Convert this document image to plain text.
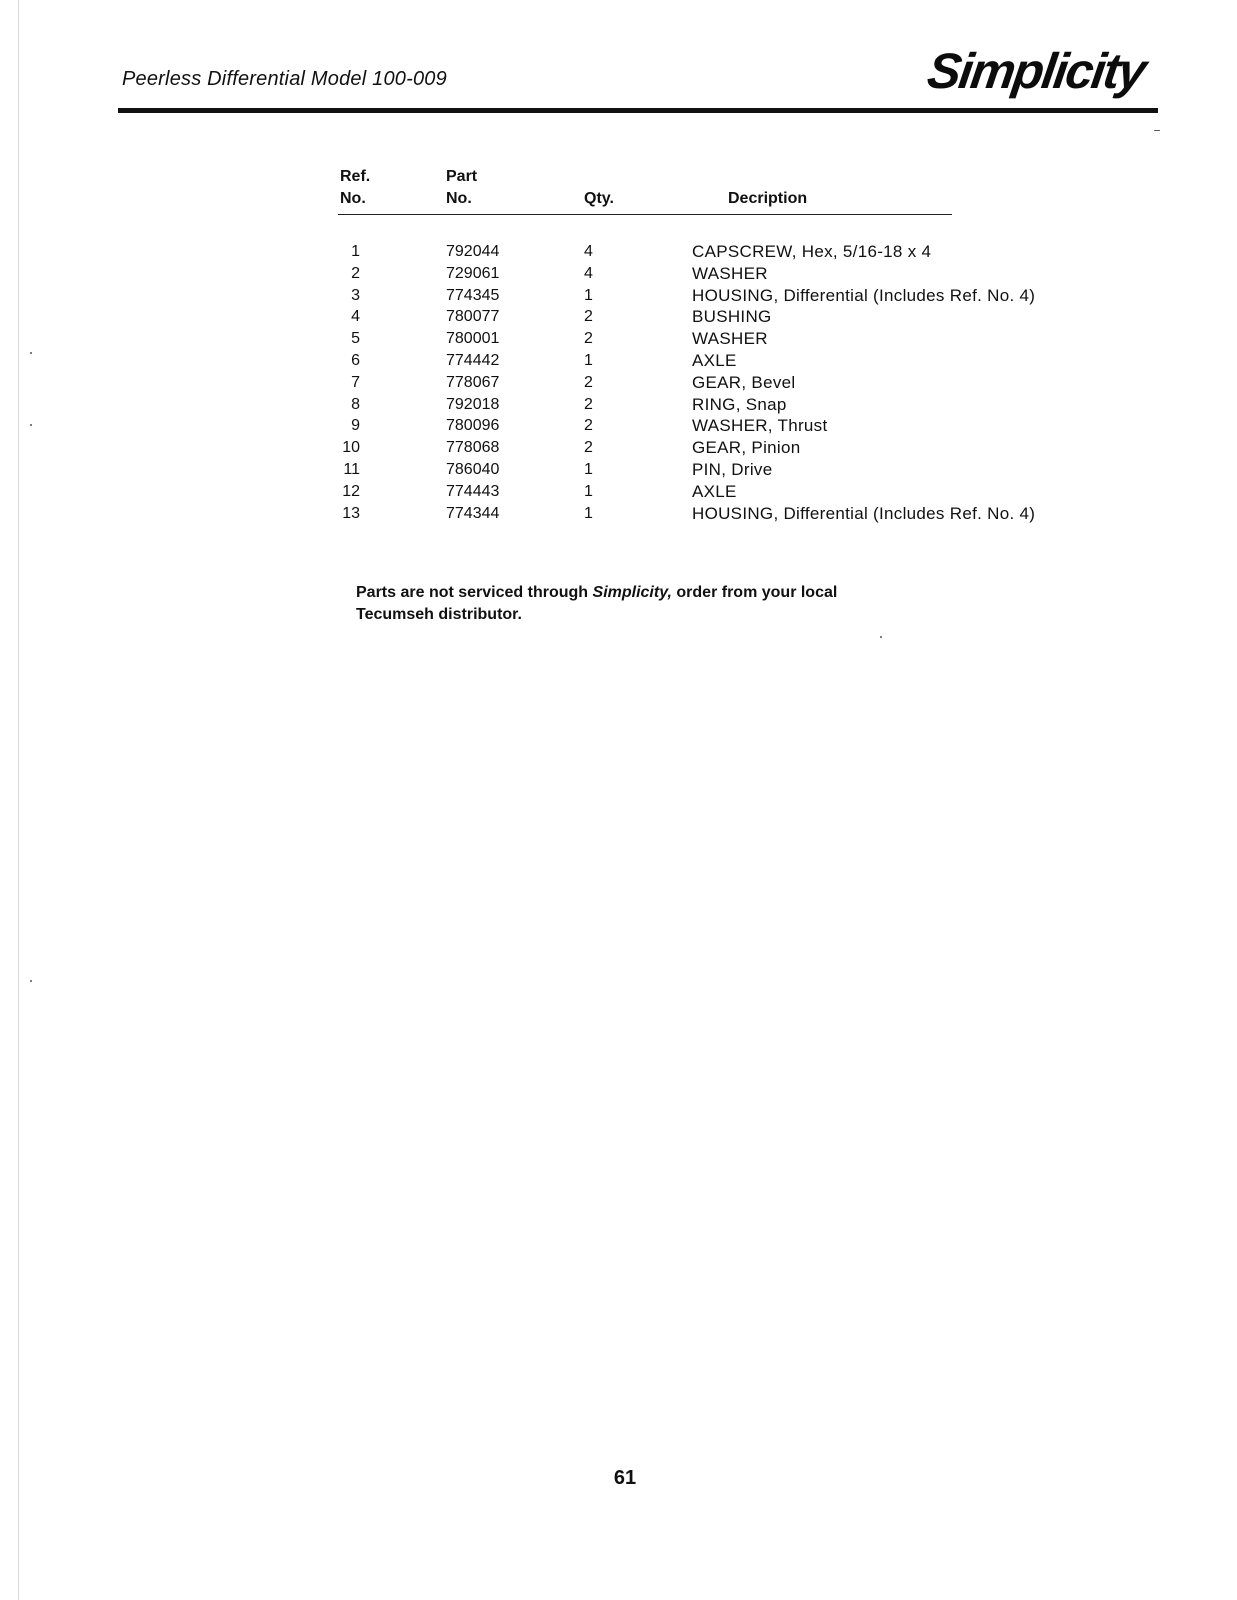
Peerless Differential Model 100-009	Simplicity
Ref.
No.
Part
No.	Qty.	Decription
1	792044	4	CAPSCREW, Hex, 5/16-18 x 4
2	729061	4	WASHER
3	774345	1	HOUSING, Differential (Includes Ref. No. 4)
4	780077	2	BUSHING
5	780001	2	WASHER
6	774442	1	AXLE
7	778067	2	GEAR, Bevel
8	792018	2	RING, Snap
9	780096	2	WASHER, Thrust
10	778068	2	GEAR, Pinion
11	786040	1	PIN, Drive
12	774443	1	AXLE
13	774344	1	HOUSING, Differential (Includes Ref. No. 4)
Parts are not serviced through Simplicity, order from your local
Tecumseh distributor.
61
